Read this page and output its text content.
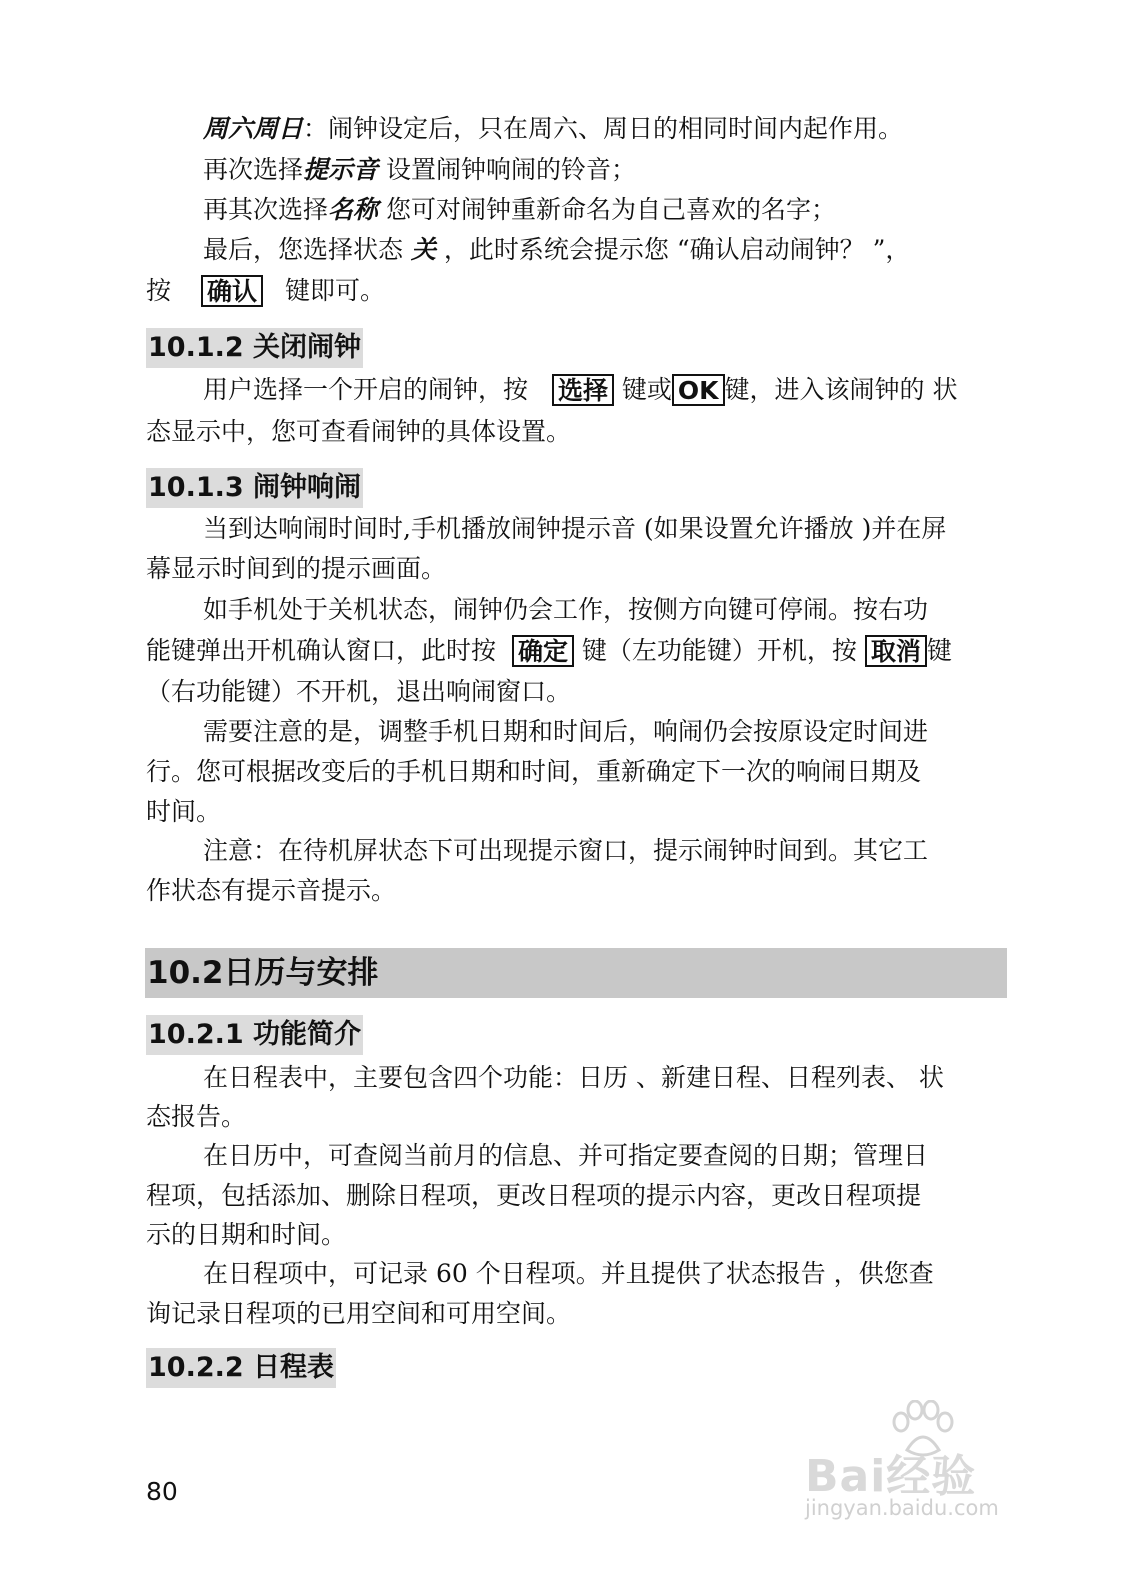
周六周日：闹钟设定后，只在周六、周日的相同时间内起作用。
再次选择提示音 设置闹钟响闹的铃音；
再其次选择名称 您可对闹钟重新命名为自己喜欢的名字；
最后，您选择状态 关 ，此时系统会提示您 “确认启动闹钟？ ”，
按 确认 键即可。
10.1.2 关闭闹钟
用户选择一个开启的闹钟，按 选择 键或 OK 键，进入该闹钟的 状
态显示中，您可查看闹钟的具体设置。
10.1.3 闹钟响闹
当到达响闹时间时,手机播放闹钟提示音 (如果设置允许播放 )并在屏
幕显示时间到的提示画面。
如手机处于关机状态，闹钟仍会工作，按侧方向键可停闹。按右功
能键弹出开机确认窗口，此时按 确定 键（左功能键）开机，按 取消 键
（右功能键）不开机，退出响闹窗口。
需要注意的是，调整手机日期和时间后，响闹仍会按原设定时间进
行。您可根据改变后的手机日期和时间，重新确定下一次的响闹日期及
时间。
注意：在待机屏状态下可出现提示窗口，提示闹钟时间到。其它工
作状态有提示音提示。
10.2日历与安排
10.2.1 功能简介
在日程表中，主要包含四个功能：日历 、新建日程、日程列表、 状
态报告。
在日历中，可查阅当前月的信息、并可指定要查阅的日期；管理日
程项，包括添加、删除日程项，更改日程项的提示内容，更改日程项提
示的日期和时间。
在日程项中，可记录 60 个日程项。并且提供了状态报告 ，供您查
询记录日程项的已用空间和可用空间。
10.2.2 日程表
80	Bai经验
jingyan.baidu.com
